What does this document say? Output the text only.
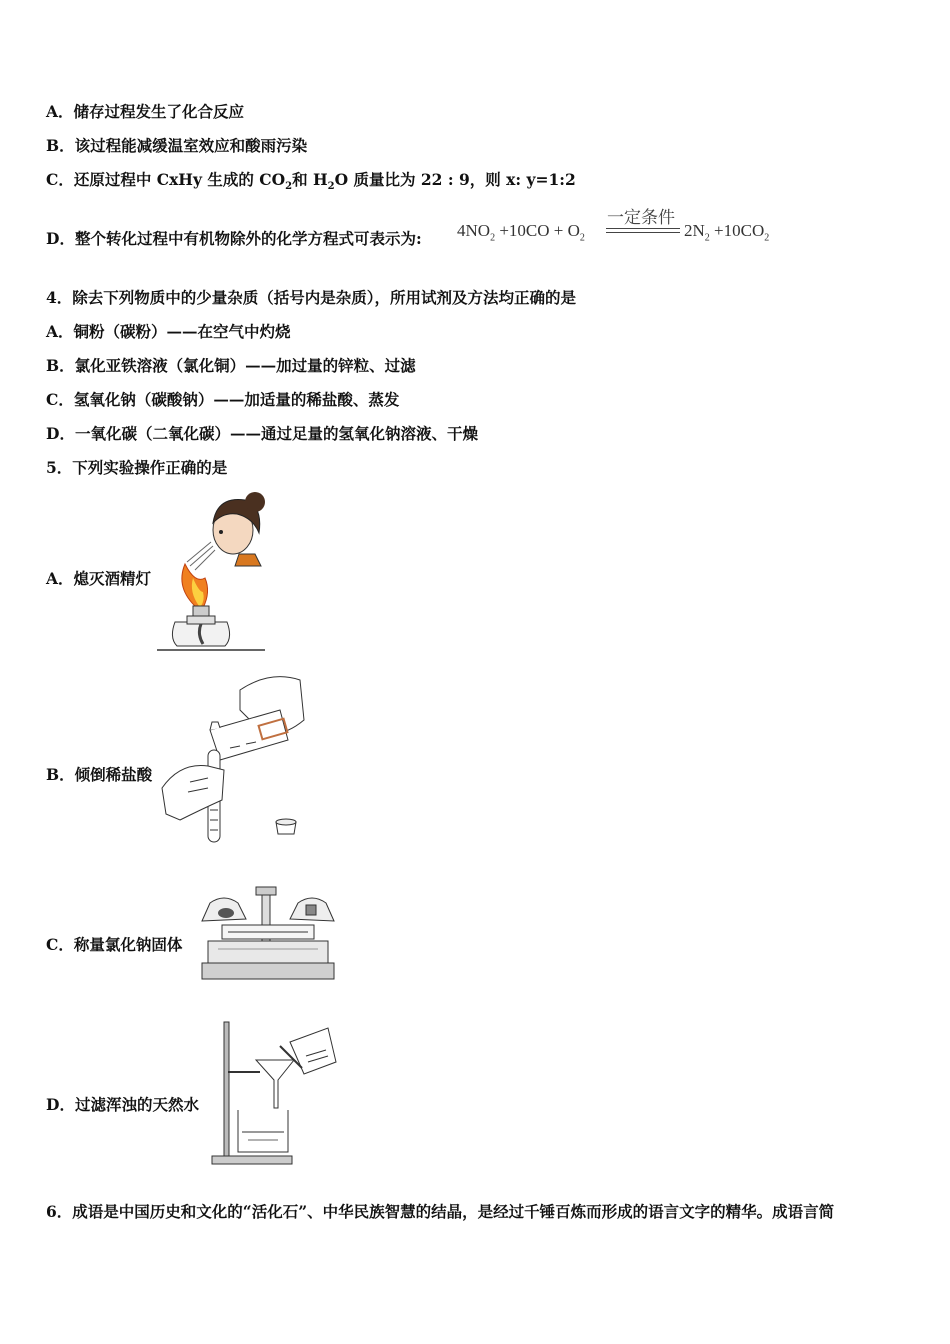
A．储存过程发生了化合反应
B．该过程能减缓温室效应和酸雨污染
C．还原过程中 CxHy 生成的 $CO_2$和 $H_2O$ 质量比为 22 : 9，则 x: y=1:2
D．整个转化过程中有机物除外的化学方程式可表示为: $4NO_2 +10CO + O_2$
一定条件
$2N_2 +10CO_2$
4．除去下列物质中的少量杂质（括号内是杂质），所用试剂及方法均正确的是
A．铜粉（碳粉）——在空气中灼烧
B．氯化亚铁溶液（氯化铜）——加过量的锌粒、过滤
C．氢氧化钠（碳酸钠）——加适量的稀盐酸、蒸发
D．一氧化碳（二氧化碳）——通过足量的氢氧化钠溶液、干燥
5．下列实验操作正确的是
A．熄灭酒精灯
B．倾倒稀盐酸
C．称量氯化钠固体
D．过滤浑浊的天然水
6．成语是中国历史和文化的“活化石”、中华民族智慧的结晶，是经过千锤百炼而形成的语言文字的精华。成语言简
